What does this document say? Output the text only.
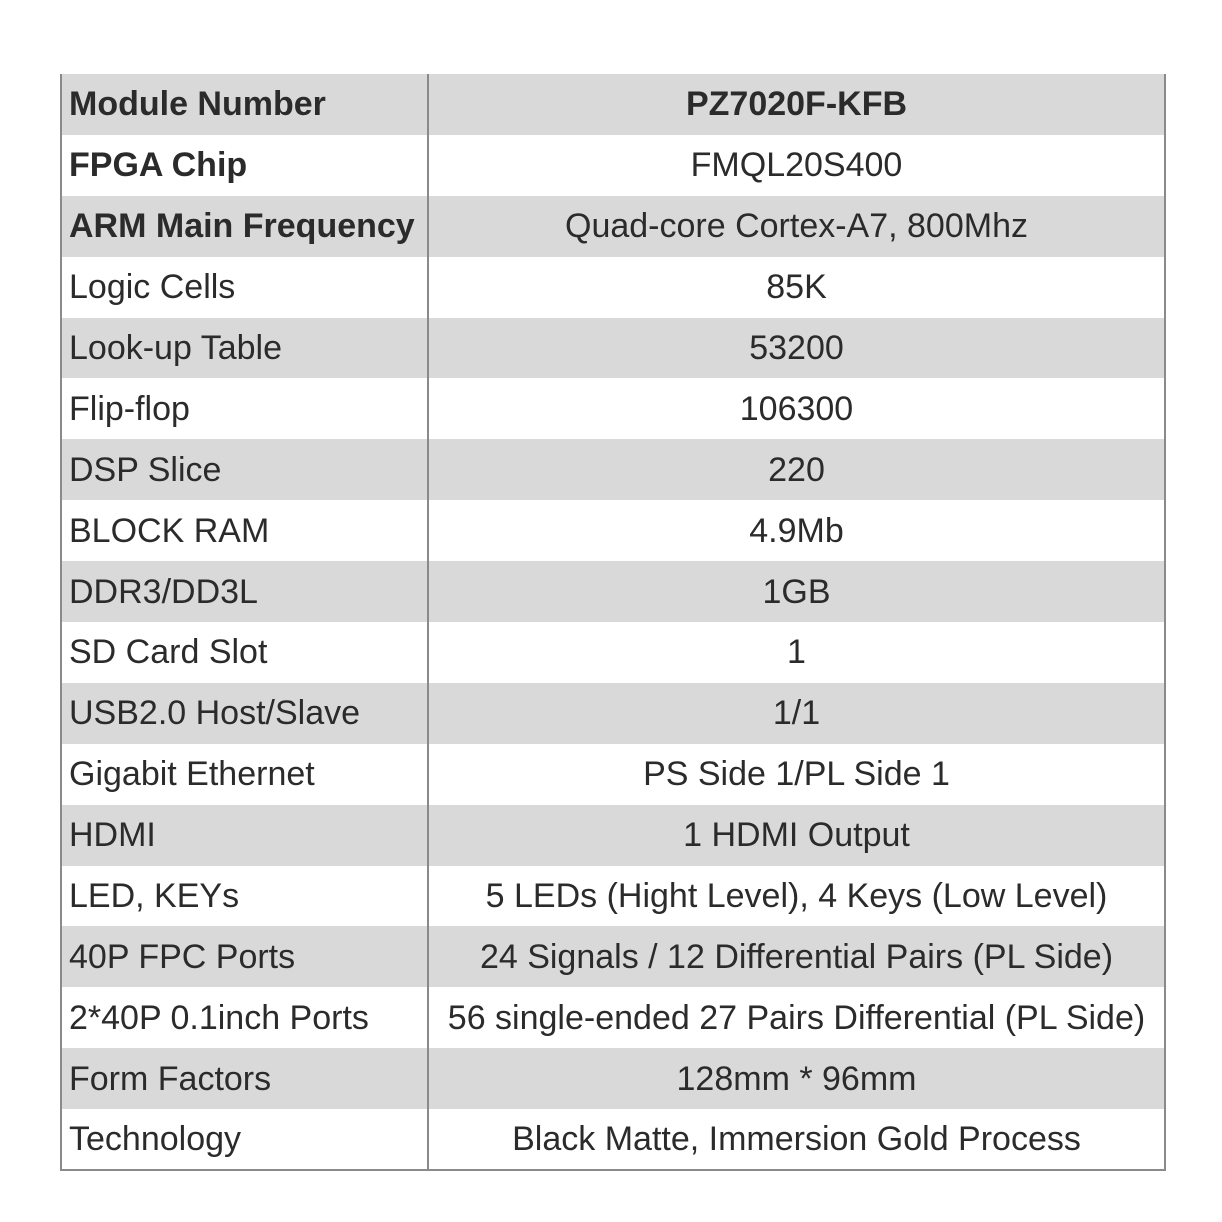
Module Number	PZ7020F-KFB
FPGA Chip	FMQL20S400
ARM Main Frequency	Quad-core Cortex-A7, 800Mhz
Logic Cells	85K
Look-up Table	53200
Flip-flop	106300
DSP Slice	220
BLOCK RAM	4.9Mb
DDR3/DD3L	1GB
SD Card Slot	1
USB2.0 Host/Slave	1/1
Gigabit Ethernet	PS Side 1/PL Side 1
HDMI	1 HDMI Output
LED, KEYs	5 LEDs (Hight Level), 4 Keys (Low Level)
40P FPC Ports	24 Signals / 12 Differential Pairs (PL Side)
2*40P 0.1inch Ports	56 single-ended 27 Pairs Differential (PL Side)
Form Factors	128mm * 96mm
Technology	Black Matte, Immersion Gold Process
